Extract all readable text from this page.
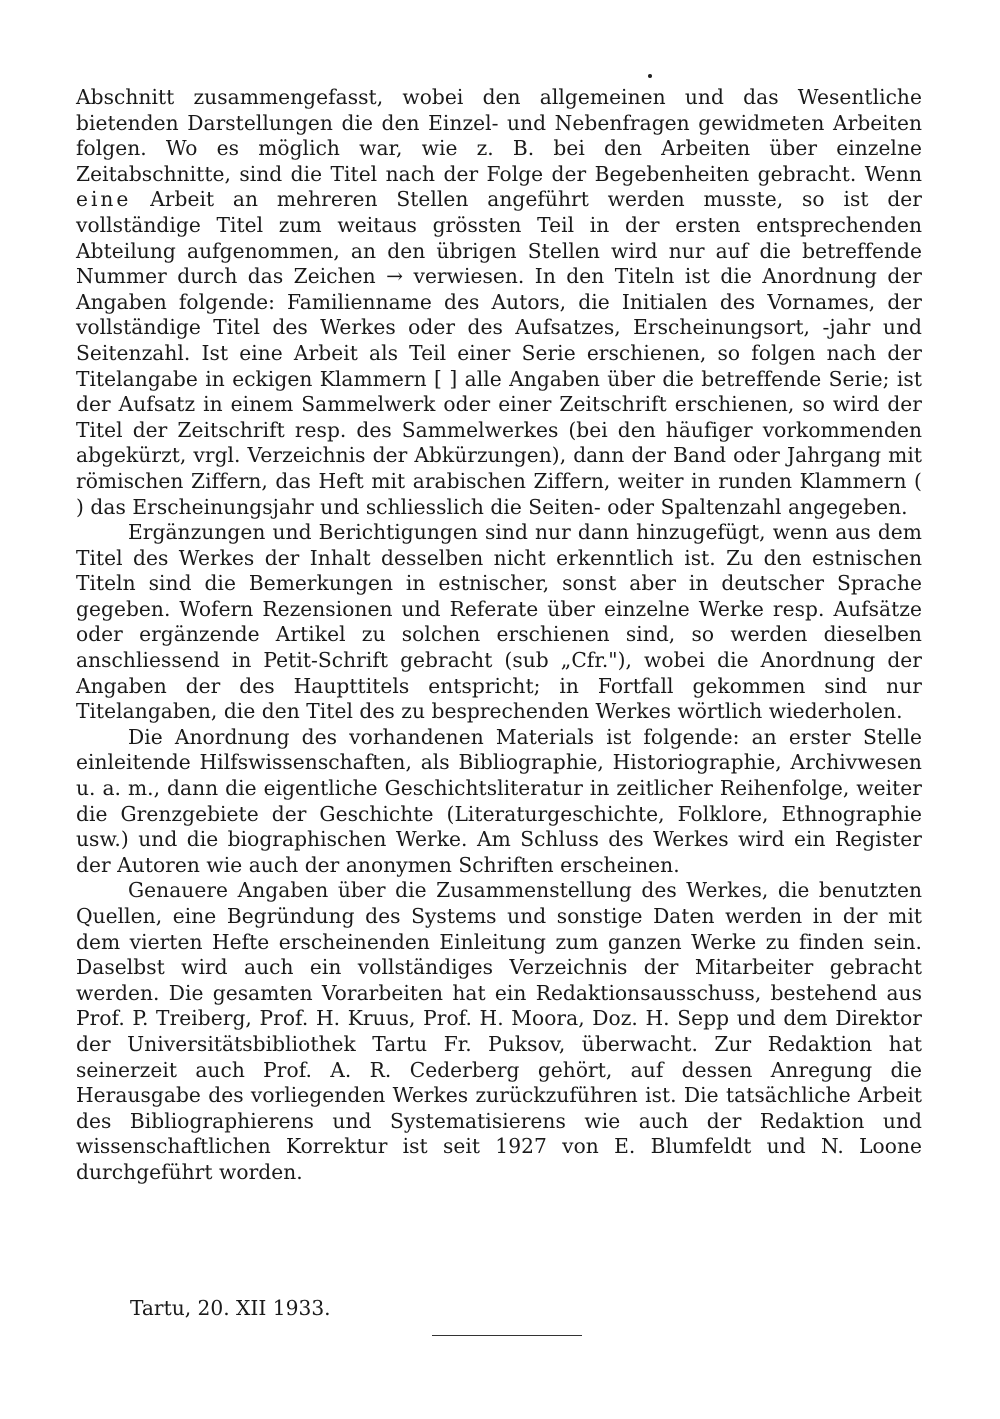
Abschnitt zusammengefasst, wobei den allgemeinen und das Wesentliche bietenden Darstellungen die den Einzel- und Nebenfragen gewidmeten Arbeiten folgen. Wo es möglich war, wie z. B. bei den Arbeiten über einzelne Zeitabschnitte, sind die Titel nach der Folge der Begebenheiten gebracht. Wenn eine Arbeit an mehreren Stellen angeführt werden musste, so ist der vollständige Titel zum weitaus grössten Teil in der ersten entsprechenden Abteilung aufgenommen, an den übrigen Stellen wird nur auf die betreffende Nummer durch das Zeichen → verwiesen. In den Titeln ist die Anordnung der Angaben folgende: Familienname des Autors, die Initialen des Vornames, der vollständige Titel des Werkes oder des Aufsatzes, Erscheinungsort, -jahr und Seitenzahl. Ist eine Arbeit als Teil einer Serie erschienen, so folgen nach der Titelangabe in eckigen Klammern [ ] alle Angaben über die betreffende Serie; ist der Aufsatz in einem Sammelwerk oder einer Zeitschrift erschienen, so wird der Titel der Zeitschrift resp. des Sammelwerkes (bei den häufiger vorkommenden abgekürzt, vrgl. Verzeichnis der Abkürzungen), dann der Band oder Jahrgang mit römischen Ziffern, das Heft mit arabischen Ziffern, weiter in runden Klammern ( ) das Erscheinungsjahr und schliesslich die Seiten- oder Spaltenzahl angegeben.

Ergänzungen und Berichtigungen sind nur dann hinzugefügt, wenn aus dem Titel des Werkes der Inhalt desselben nicht erkenntlich ist. Zu den estnischen Titeln sind die Bemerkungen in estnischer, sonst aber in deutscher Sprache gegeben. Wofern Rezensionen und Referate über einzelne Werke resp. Aufsätze oder ergänzende Artikel zu solchen erschienen sind, so werden dieselben anschliessend in Petit-Schrift gebracht (sub „Cfr."), wobei die Anordnung der Angaben der des Haupttitels entspricht; in Fortfall gekommen sind nur Titelangaben, die den Titel des zu besprechenden Werkes wörtlich wiederholen.

Die Anordnung des vorhandenen Materials ist folgende: an erster Stelle einleitende Hilfswissenschaften, als Bibliographie, Historiographie, Archivwesen u. a. m., dann die eigentliche Geschichtsliteratur in zeitlicher Reihenfolge, weiter die Grenzgebiete der Geschichte (Literaturgeschichte, Folklore, Ethnographie usw.) und die biographischen Werke. Am Schluss des Werkes wird ein Register der Autoren wie auch der anonymen Schriften erscheinen.

Genauere Angaben über die Zusammenstellung des Werkes, die benutzten Quellen, eine Begründung des Systems und sonstige Daten werden in der mit dem vierten Hefte erscheinenden Einleitung zum ganzen Werke zu finden sein. Daselbst wird auch ein vollständiges Verzeichnis der Mitarbeiter gebracht werden. Die gesamten Vorarbeiten hat ein Redaktionsausschuss, bestehend aus Prof. P. Treiberg, Prof. H. Kruus, Prof. H. Moora, Doz. H. Sepp und dem Direktor der Universitätsbibliothek Tartu Fr. Puksov, überwacht. Zur Redaktion hat seinerzeit auch Prof. A. R. Cederberg gehört, auf dessen Anregung die Herausgabe des vorliegenden Werkes zurückzuführen ist. Die tatsächliche Arbeit des Bibliographierens und Systematisierens wie auch der Redaktion und wissenschaftlichen Korrektur ist seit 1927 von E. Blumfeldt und N. Loone durchgeführt worden.

Tartu, 20. XII 1933.
